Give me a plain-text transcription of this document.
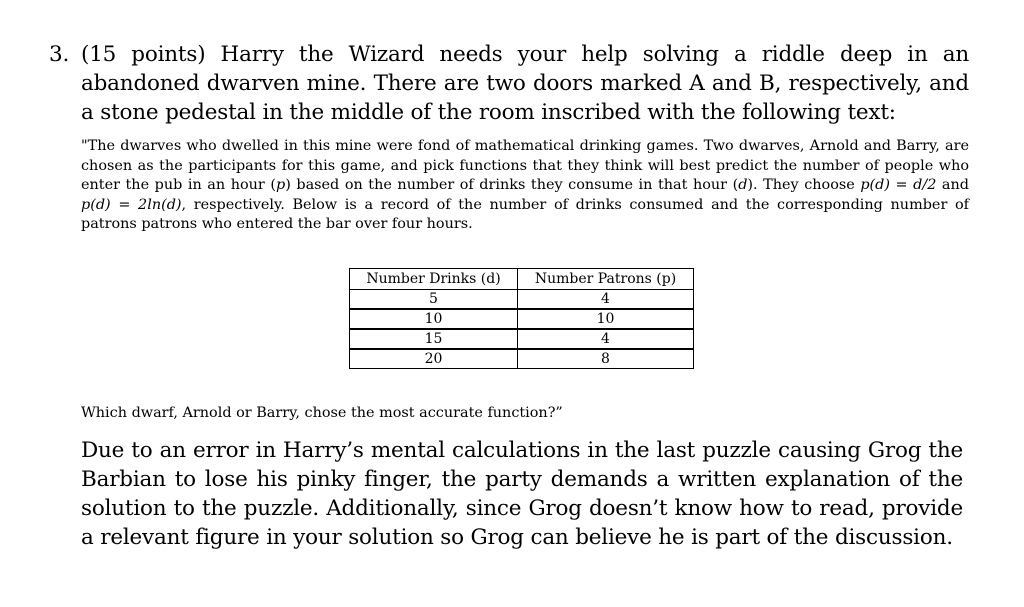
3. (15 points) Harry the Wizard needs your help solving a riddle deep in an abandoned dwarven mine. There are two doors marked A and B, respectively, and a stone pedestal in the middle of the room inscribed with the following text:
"The dwarves who dwelled in this mine were fond of mathematical drinking games. Two dwarves, Arnold and Barry, are chosen as the participants for this game, and pick functions that they think will best predict the number of people who enter the pub in an hour (p) based on the number of drinks they consume in that hour (d). They choose p(d) = d/2 and p(d) = 2ln(d), respectively. Below is a record of the number of drinks consumed and the corresponding number of patrons patrons who entered the bar over four hours.
Number Drinks (d)	Number Patrons (p)
5	4
10	10
15	4
20	8
Which dwarf, Arnold or Barry, chose the most accurate function?”
Due to an error in Harry’s mental calculations in the last puzzle causing Grog the Barbian to lose his pinky finger, the party demands a written explanation of the solution to the puzzle. Additionally, since Grog doesn’t know how to read, provide a relevant figure in your solution so Grog can believe he is part of the discussion.
